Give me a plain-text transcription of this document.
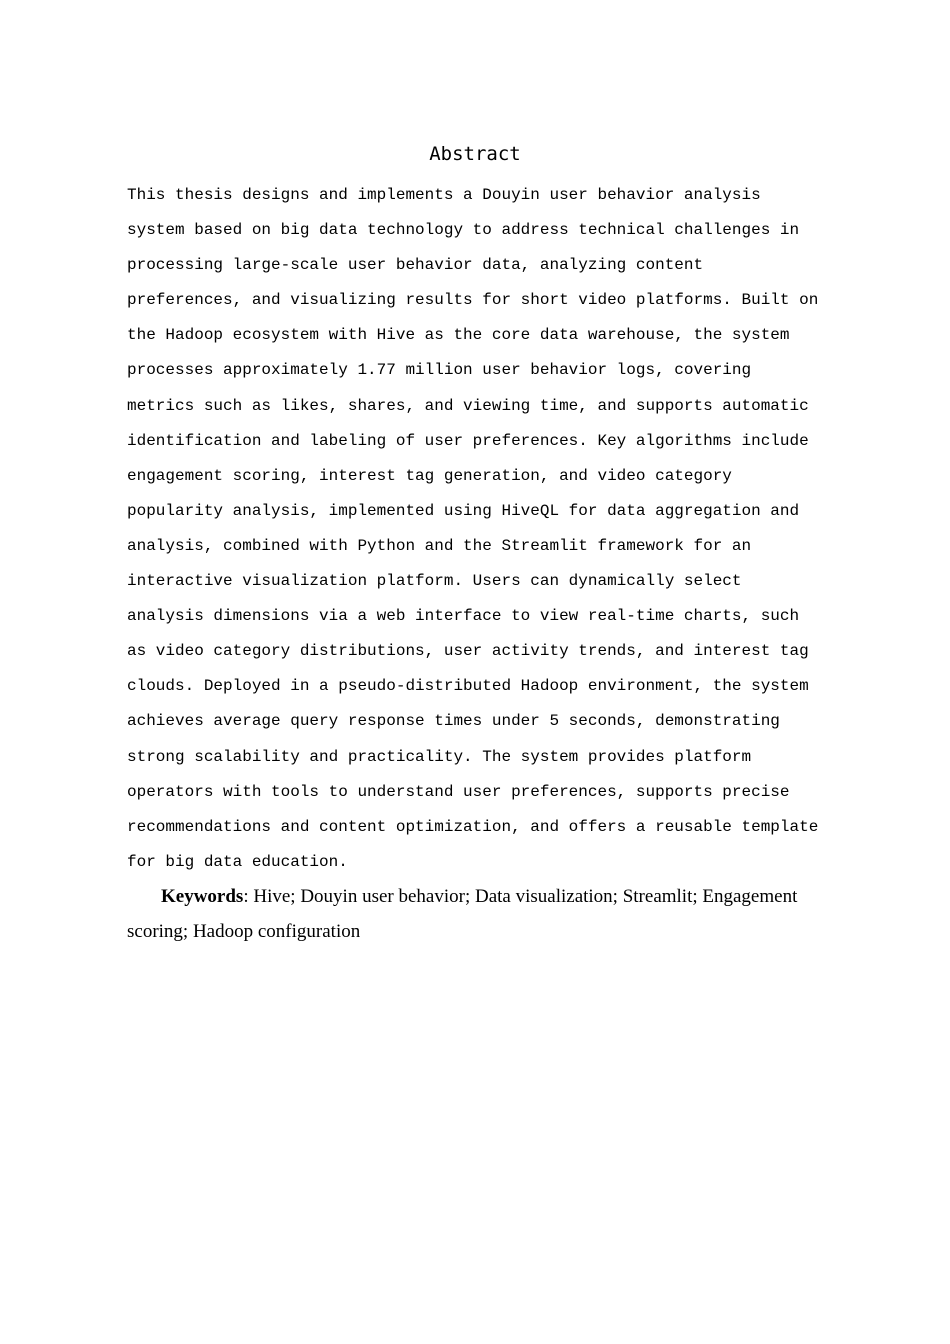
Abstract

This thesis designs and implements a Douyin user behavior analysis system based on big data technology to address technical challenges in processing large-scale user behavior data, analyzing content preferences, and visualizing results for short video platforms. Built on the Hadoop ecosystem with Hive as the core data warehouse, the system processes approximately 1.77 million user behavior logs, covering metrics such as likes, shares, and viewing time, and supports automatic identification and labeling of user preferences. Key algorithms include engagement scoring, interest tag generation, and video category popularity analysis, implemented using HiveQL for data aggregation and analysis, combined with Python and the Streamlit framework for an interactive visualization platform. Users can dynamically select analysis dimensions via a web interface to view real-time charts, such as video category distributions, user activity trends, and interest tag clouds. Deployed in a pseudo-distributed Hadoop environment, the system achieves average query response times under 5 seconds, demonstrating strong scalability and practicality. The system provides platform operators with tools to understand user preferences, supports precise recommendations and content optimization, and offers a reusable template for big data education.

Keywords: Hive; Douyin user behavior; Data visualization; Streamlit; Engagement scoring; Hadoop configuration
